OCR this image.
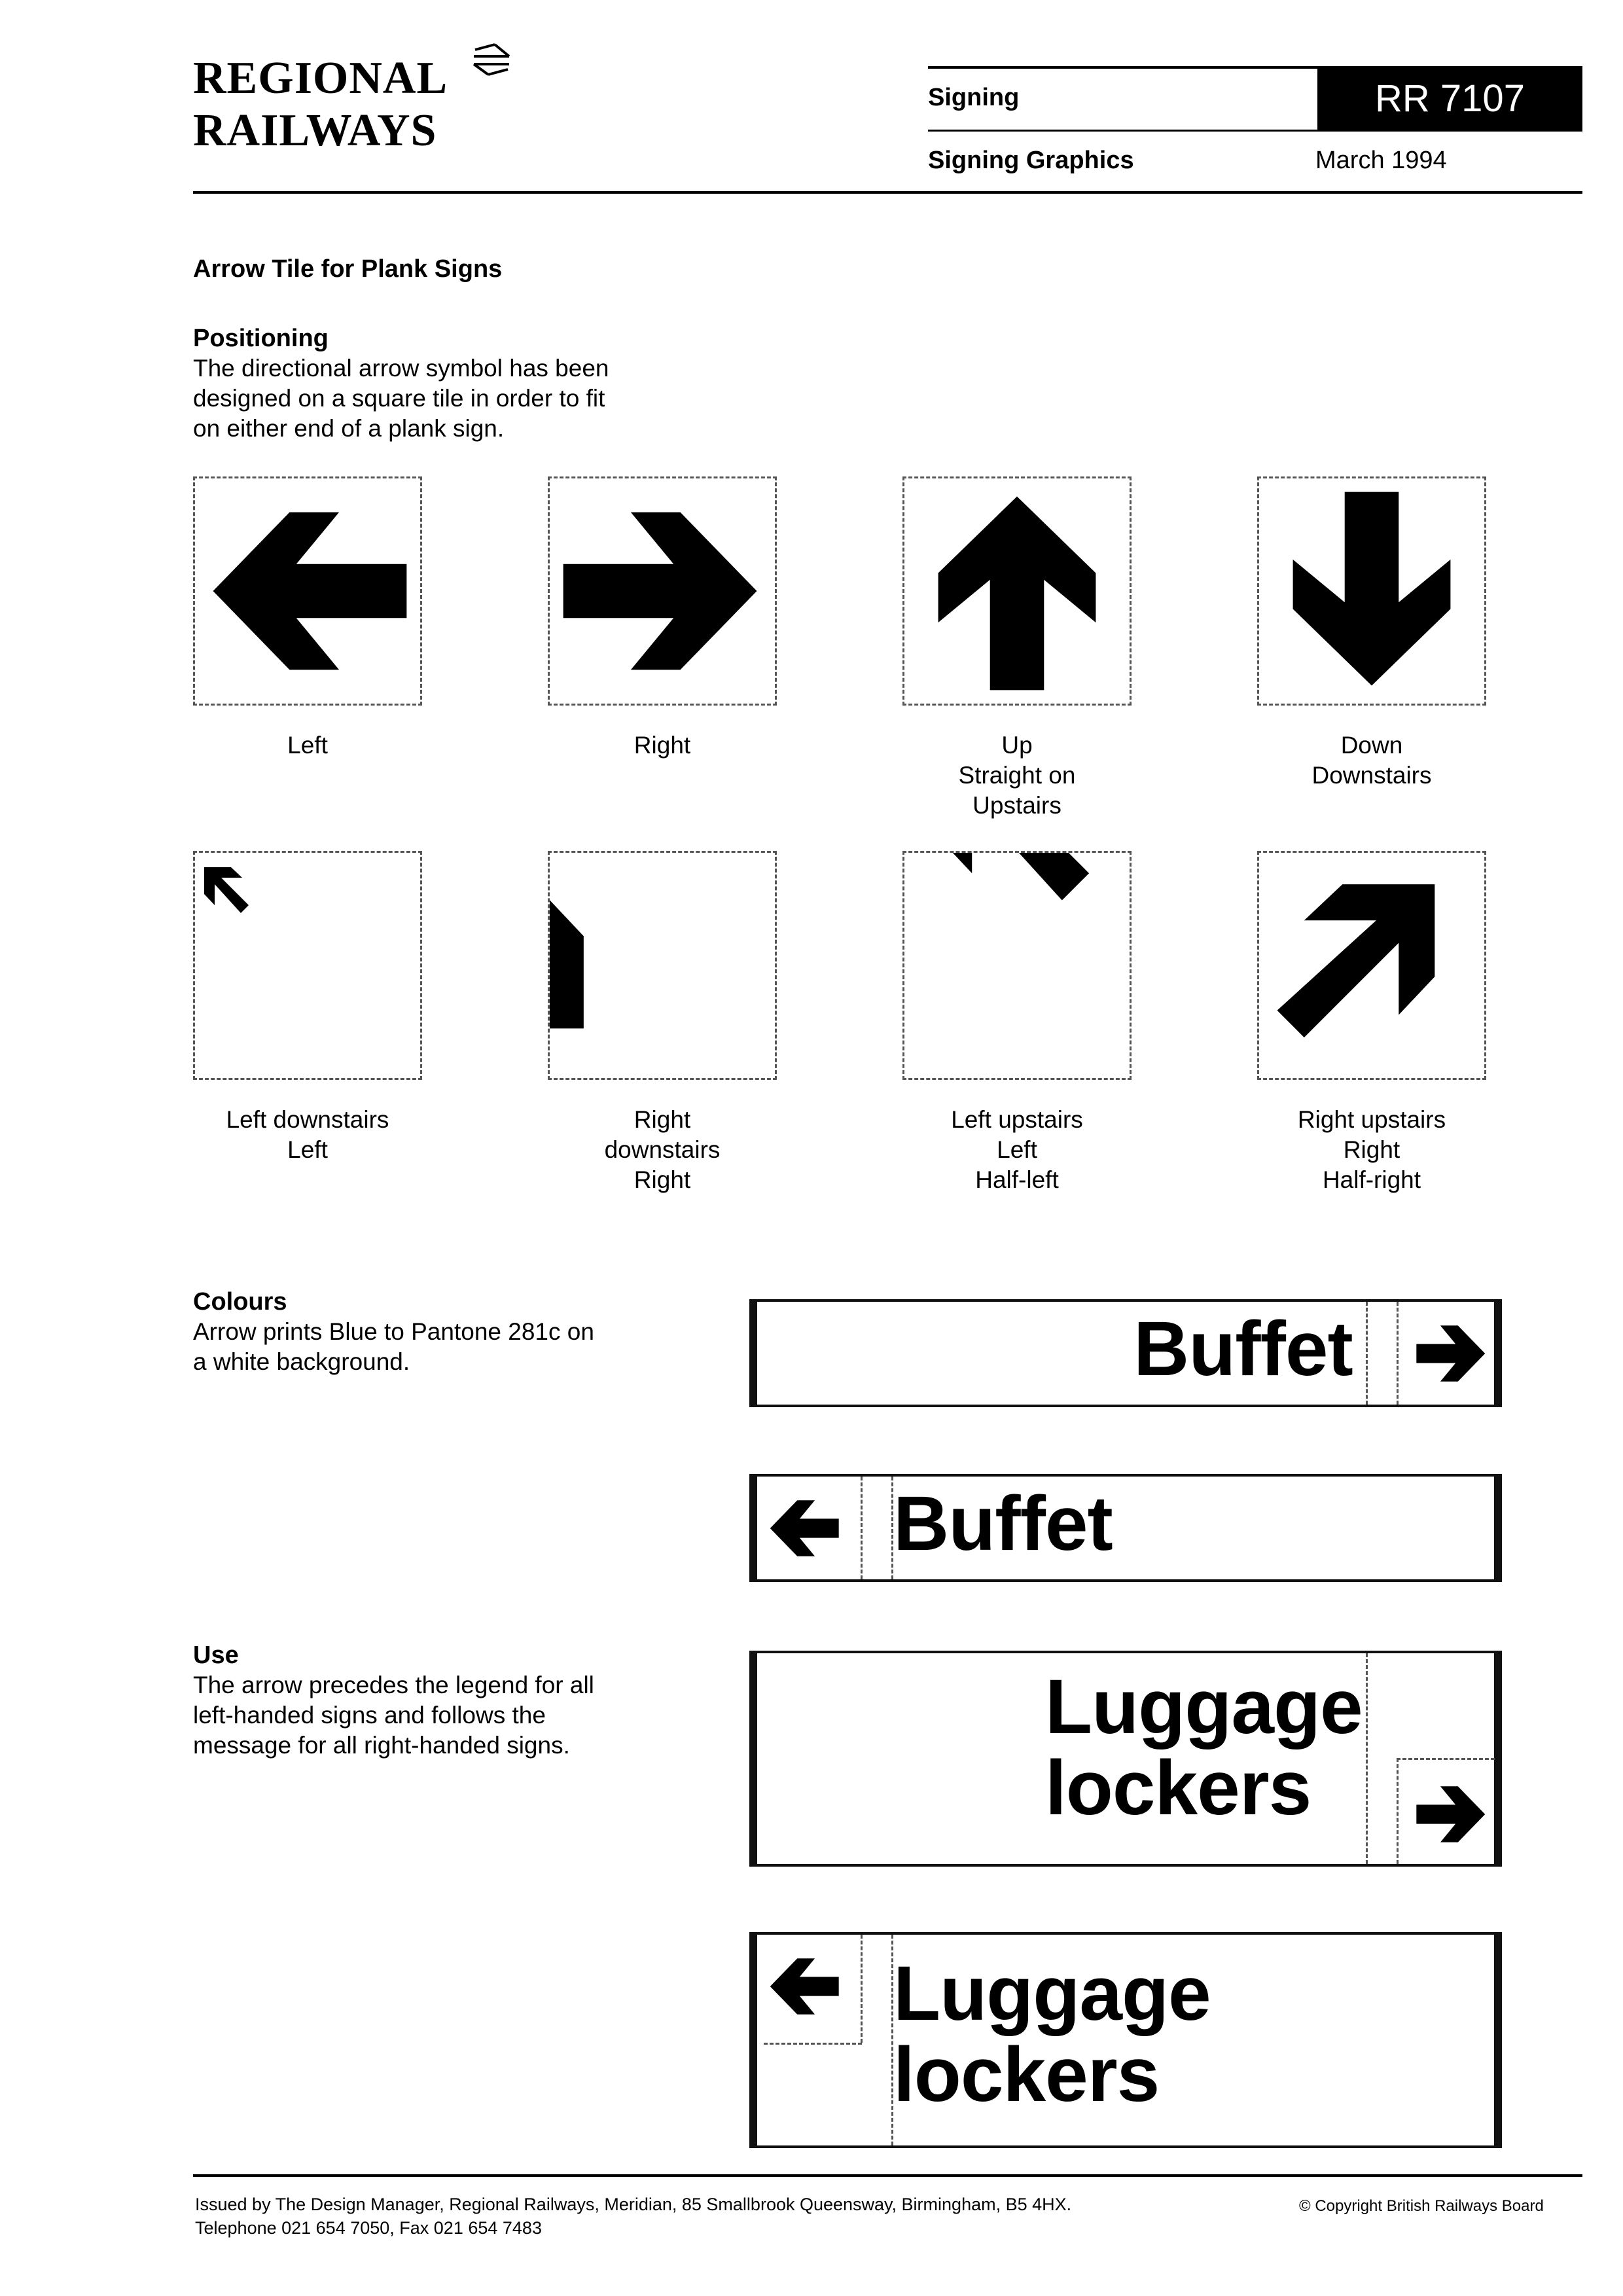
REGIONAL
RAILWAYS
RR 7107
Signing
Signing Graphics	March 1994
Arrow Tile for Plank Signs
Positioning
The directional arrow symbol has been
designed on a square tile in order to fit
on either end of a plank sign.
Left	Right	Up
Straight on
Upstairs
Down
Downstairs
Left downstairs
Left
Right
downstairs
Right
Left upstairs
Left
Half-left
Right upstairs
Right
Half-right
Colours
Arrow prints Blue to Pantone 281c on
a white background.
Use
The arrow precedes the legend for all
left-handed signs and follows the
message for all right-handed signs.
Buffet
Buffet
Luggage
lockers
Luggage
lockers
Issued by The Design Manager, Regional Railways, Meridian, 85 Smallbrook Queensway, Birmingham, B5 4HX.
Telephone 021 654 7050, Fax 021 654 7483
© Copyright British Railways Board
